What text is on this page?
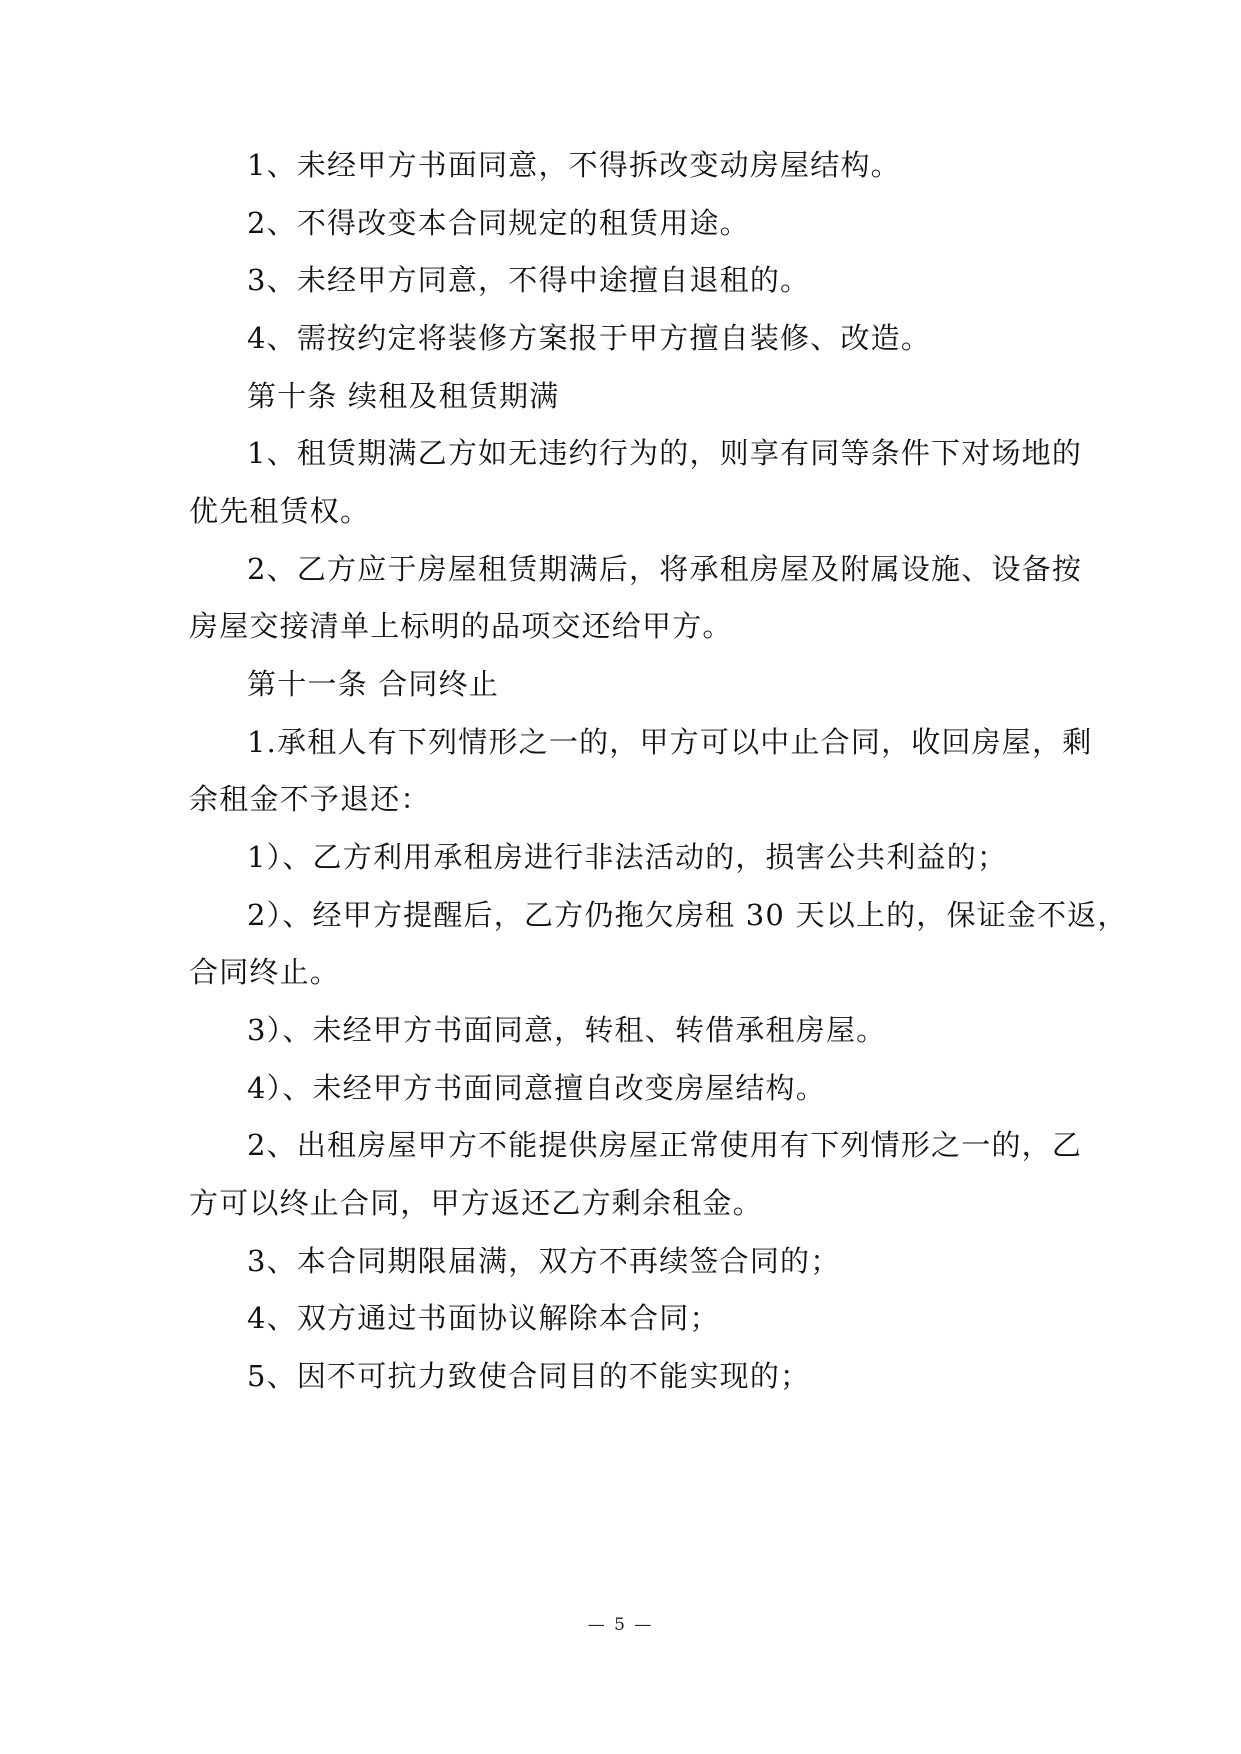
1、未经甲方书面同意，不得拆改变动房屋结构。
2、不得改变本合同规定的租赁用途。
3、未经甲方同意，不得中途擅自退租的。
4、需按约定将装修方案报于甲方擅自装修、改造。
第十条 续租及租赁期满
1、租赁期满乙方如无违约行为的，则享有同等条件下对场地的
优先租赁权。
2、乙方应于房屋租赁期满后，将承租房屋及附属设施、设备按
房屋交接清单上标明的品项交还给甲方。
第十一条 合同终止
1.承租人有下列情形之一的，甲方可以中止合同，收回房屋，剩
余租金不予退还：
1）、乙方利用承租房进行非法活动的，损害公共利益的；
2）、经甲方提醒后，乙方仍拖欠房租 30 天以上的，保证金不返，
合同终止。
3）、未经甲方书面同意，转租、转借承租房屋。
4）、未经甲方书面同意擅自改变房屋结构。
2、出租房屋甲方不能提供房屋正常使用有下列情形之一的，乙
方可以终止合同，甲方返还乙方剩余租金。
3、本合同期限届满，双方不再续签合同的；
4、双方通过书面协议解除本合同；
5、因不可抗力致使合同目的不能实现的；
— 5 —
